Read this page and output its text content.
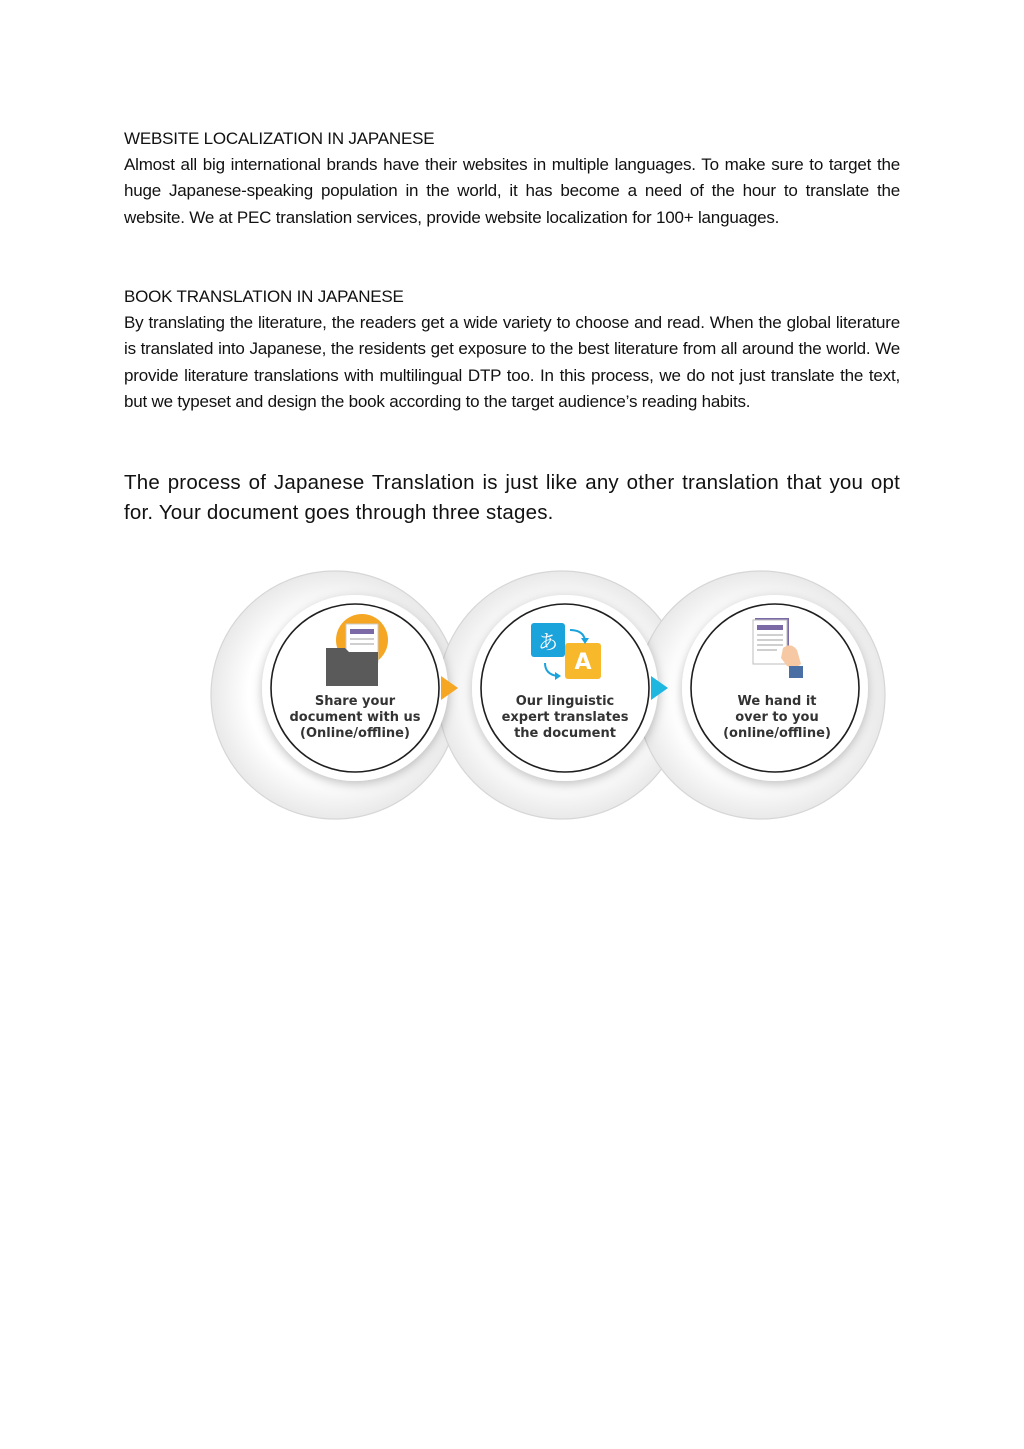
WEBSITE LOCALIZATION IN JAPANESE

Almost all big international brands have their websites in multiple languages. To make sure to target the huge Japanese-speaking population in the world, it has become a need of the hour to translate the website. We at PEC translation services, provide website localization for 100+ languages.

BOOK TRANSLATION IN JAPANESE

By translating the literature, the readers get a wide variety to choose and read. When the global literature is translated into Japanese, the residents get exposure to the best literature from all around the world. We provide literature translations with multilingual DTP too. In this process, we do not just translate the text, but we typeset and design the book according to the target audience’s reading habits.

The process of Japanese Translation is just like any other translation that you opt for. Your document goes through three stages.

あ
A
Share your
document with us
(Online/offline)
Our linguistic
expert translates
the document
We hand it
over to you
(online/offline)
